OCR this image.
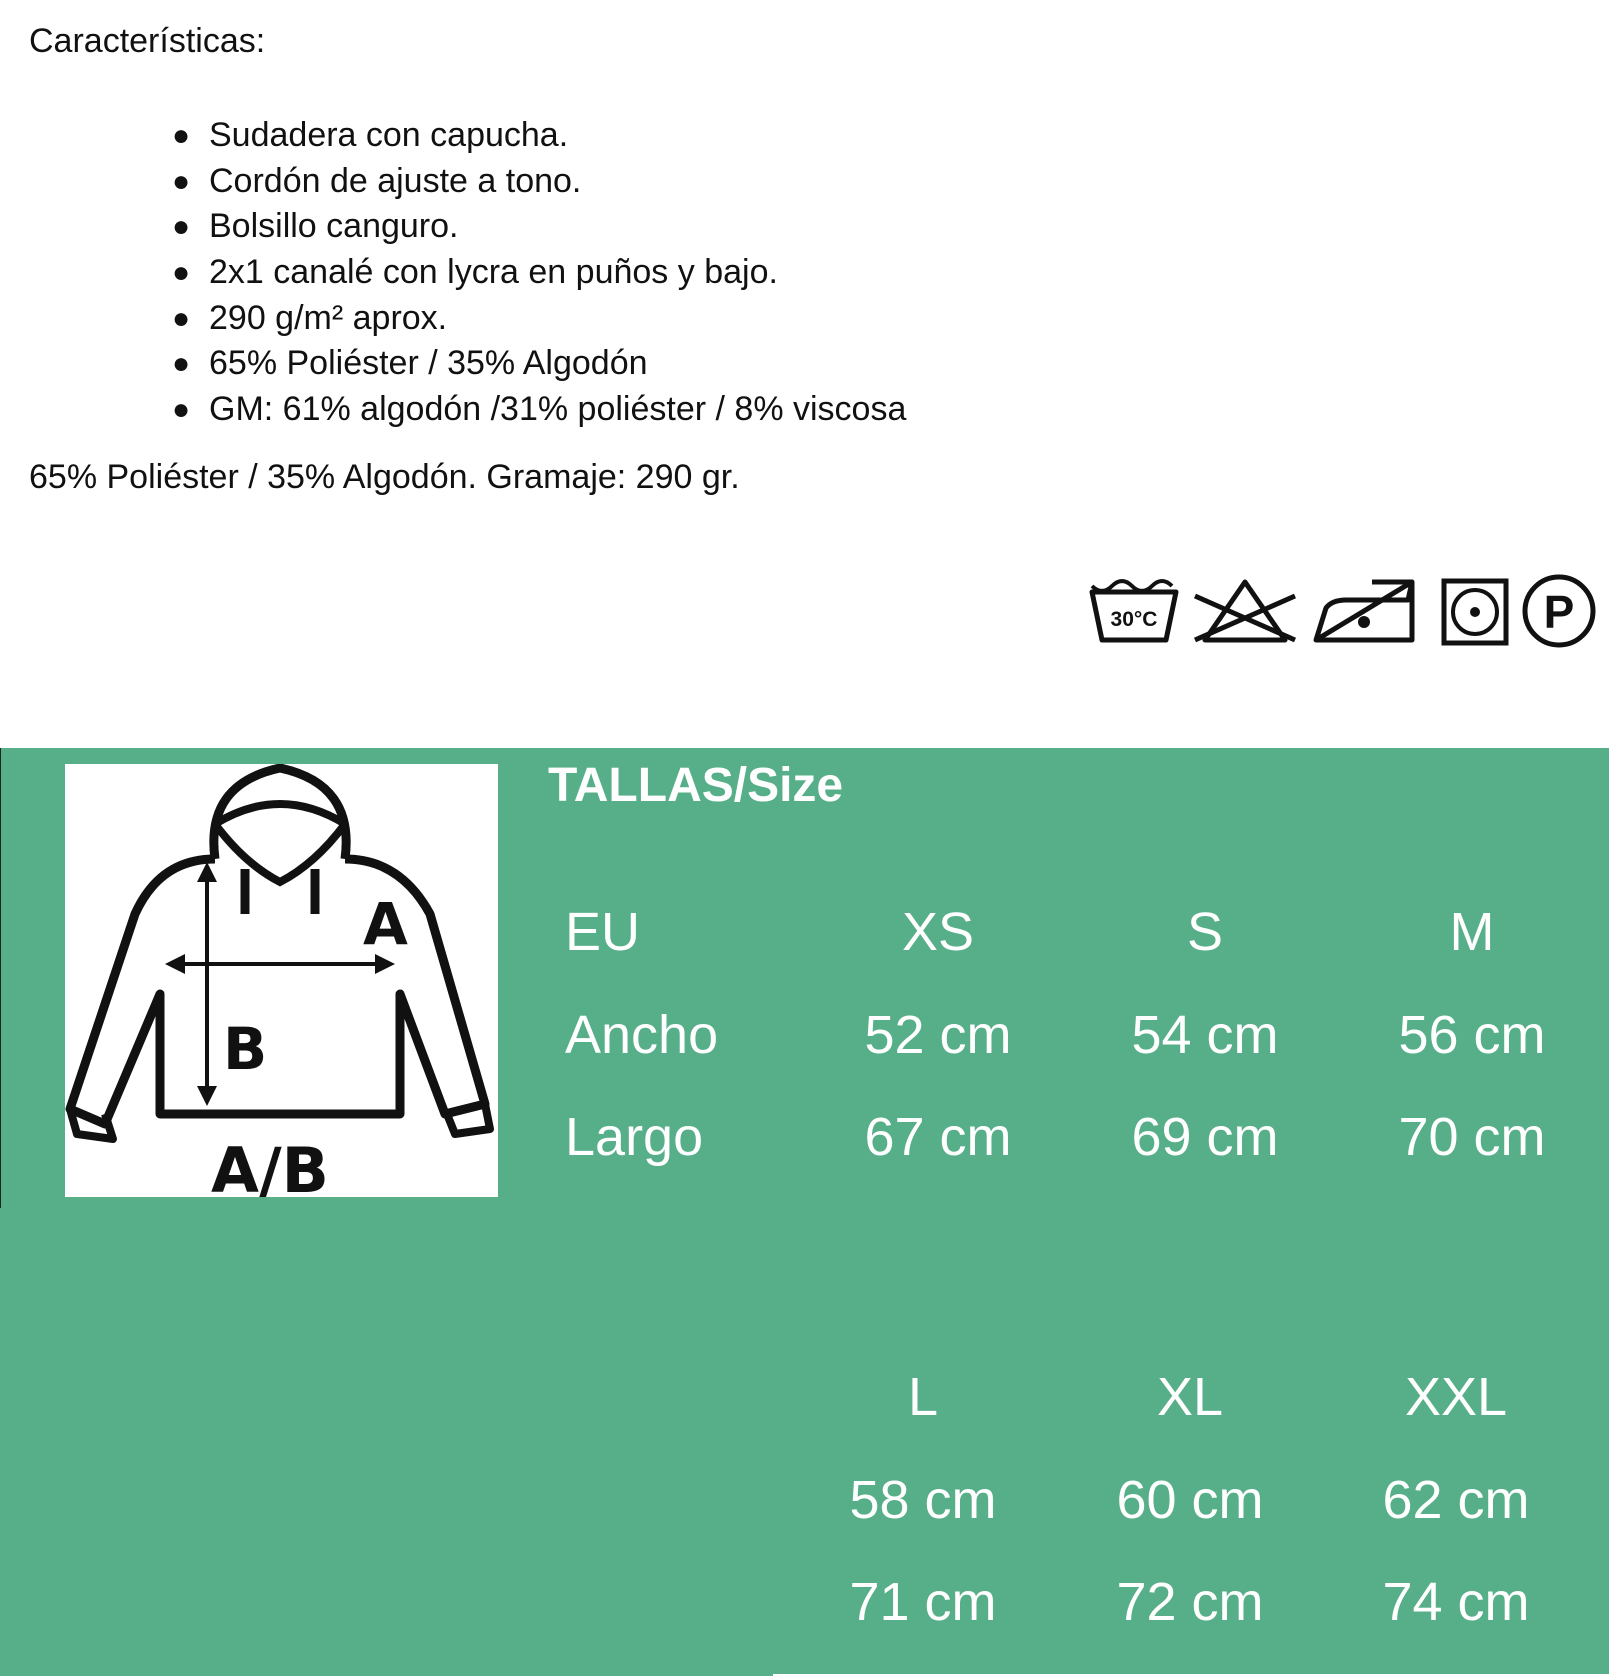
Características:
● Sudadera con capucha.
● Cordón de ajuste a tono.
● Bolsillo canguro.
● 2x1 canalé con lycra en puños y bajo.
● 290 g/m² aprox.
● 65% Poliéster / 35% Algodón
● GM: 61% algodón /31% poliéster / 8% viscosa
65% Poliéster / 35% Algodón. Gramaje: 290 gr.
30°C	P
A
B
A/B
TALLAS/Size
EU
Ancho
Largo
XS
52 cm
67 cm
S
54 cm
69 cm
M
56 cm
70 cm
L
58 cm
71 cm
XL
60 cm
72 cm
XXL
62 cm
74 cm
